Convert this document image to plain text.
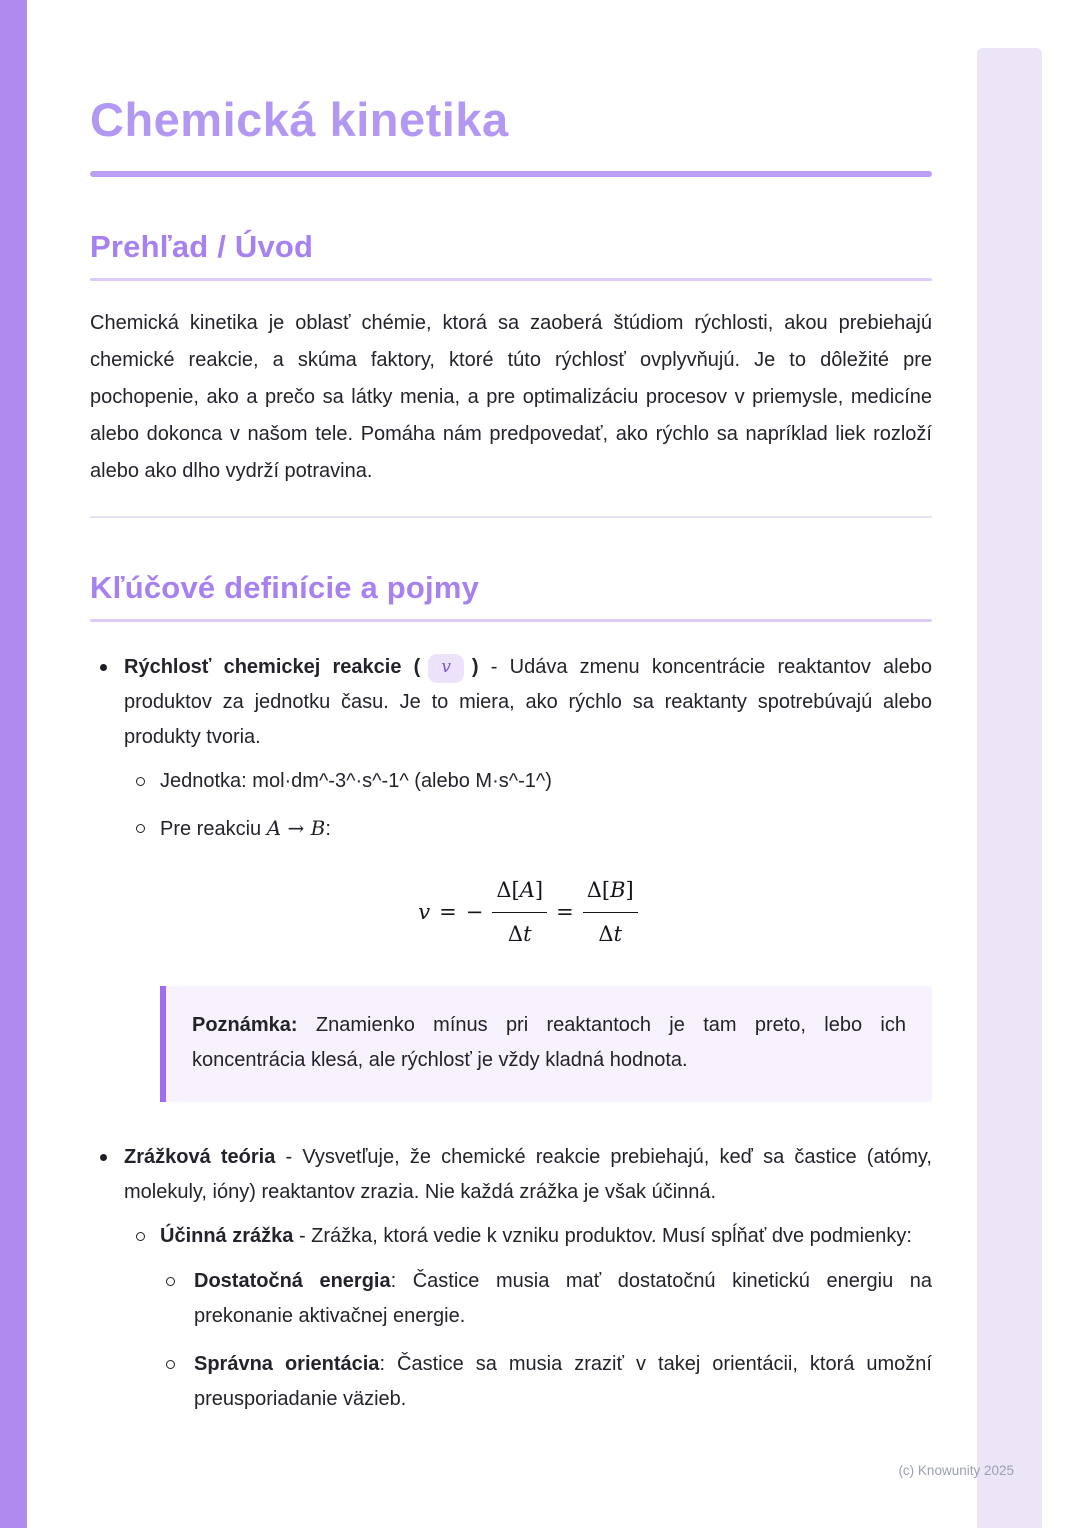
Chemická kinetika
Prehľad / Úvod

Chemická kinetika je oblasť chémie, ktorá sa zaoberá štúdiom rýchlosti, akou prebiehajú chemické reakcie, a skúma faktory, ktoré túto rýchlosť ovplyvňujú. Je to dôležité pre pochopenie, ako a prečo sa látky menia, a pre optimalizáciu procesov v priemysle, medicíne alebo dokonca v našom tele. Pomáha nám predpovedať, ako rýchlo sa napríklad liek rozloží alebo ako dlho vydrží potravina.

Kľúčové definície a pojmy
Rýchlosť chemickej reakcie ( v ) - Udáva zmenu koncentrácie reaktantov alebo produktov za jednotku času. Je to miera, ako rýchlo sa reaktanty spotrebúvajú alebo produkty tvoria.
Jednotka: mol·dm^-3^·s^-1^ (alebo M·s^-1^)
Pre reakciu A → B:
v = − $\frac{\Delta[A]}{\Delta t} = \frac{\Delta[B]}{\Delta t}$
Poznámka: Znamienko mínus pri reaktantoch je tam preto, lebo ich koncentrácia klesá, ale rýchlosť je vždy kladná hodnota.
Zrážková teória - Vysvetľuje, že chemické reakcie prebiehajú, keď sa častice (atómy, molekuly, ióny) reaktantov zrazia. Nie každá zrážka je však účinná.
Účinná zrážka - Zrážka, ktorá vedie k vzniku produktov. Musí spĺňať dve podmienky:
Dostatočná energia: Častice musia mať dostatočnú kinetickú energiu na prekonanie aktivačnej energie.
Správna orientácia: Častice sa musia zraziť v takej orientácii, ktorá umožní preusporiadanie väzieb.
(c) Knowunity 2025
